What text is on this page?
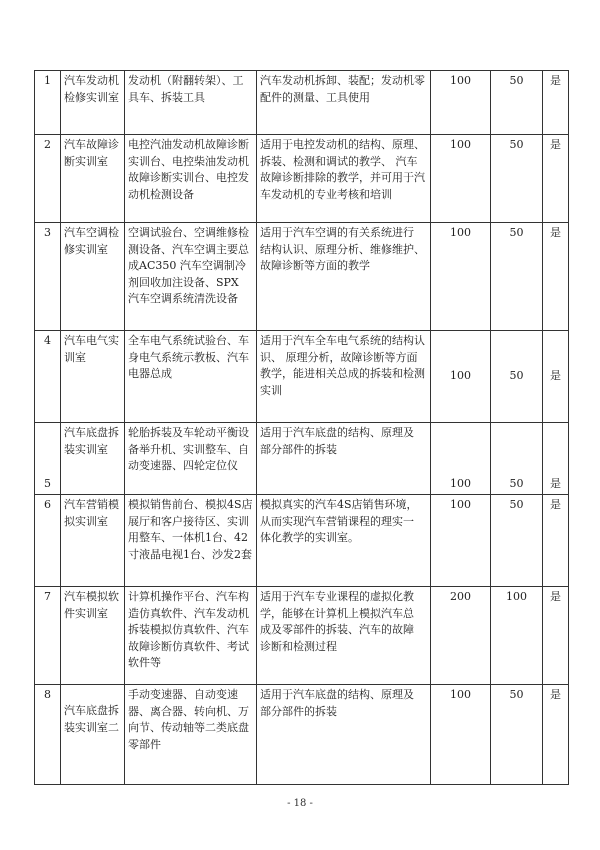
1	汽车发动机检修实训室	发动机（附翻转架）、工具车、拆装工具	汽车发动机拆卸、装配；发动机零配件的测量、工具使用	100	50	是
2	汽车故障诊断实训室	电控汽油发动机故障诊断实训台、电控柴油发动机故障诊断实训台、电控发动机检测设备	适用于电控发动机的结构、原理、 拆装、检测和调试的教学、 汽车故障诊断排除的教学，并可用于汽车发动机的专业考核和培训	100	50	是
3	汽车空调检修实训室	空调试验台、空调维修检测设备、汽车空调主要总成AC350 汽车空调制冷剂回收加注设备、SPX 汽车空调系统清洗设备	适用于汽车空调的有关系统进行 结构认识、原理分析、维修维护、 故障诊断等方面的教学	100	50	是
4	汽车电气实训室	全车电气系统试验台、车身电气系统示教板、汽车电器总成	适用于汽车全车电气系统的结构认识、 原理分析，故障诊断等方面教学，能进相关总成的拆装和检测实训	100	50	是
5	汽车底盘拆装实训室	轮胎拆装及车轮动平衡设备举升机、实训整车、自动变速器、四轮定位仪	适用于汽车底盘的结构、原理及 部分部件的拆装	100	50	是
6	汽车营销模拟实训室	模拟销售前台、模拟4S店展厅和客户接待区、实训用整车、一体机1台、42寸液晶电视1台、沙发2套	模拟真实的汽车4S店销售环境，从而实现汽车营销课程的理实一 体化教学的实训室。	100	50	是
7	汽车模拟软件实训室	计算机操作平台、汽车构造仿真软件、汽车发动机拆装模拟仿真软件、汽车故障诊断仿真软件、考试软件等	适用于汽车专业课程的虚拟化教 学，能够在计算机上模拟汽车总 成及零部件的拆装、汽车的故障 诊断和检测过程	200	100	是
8	汽车底盘拆装实训室二	手动变速器、自动变速器、离合器、转向机、万向节、传动轴等二类底盘零部件	适用于汽车底盘的结构、原理及 部分部件的拆装	100	50	是
- 18 -
